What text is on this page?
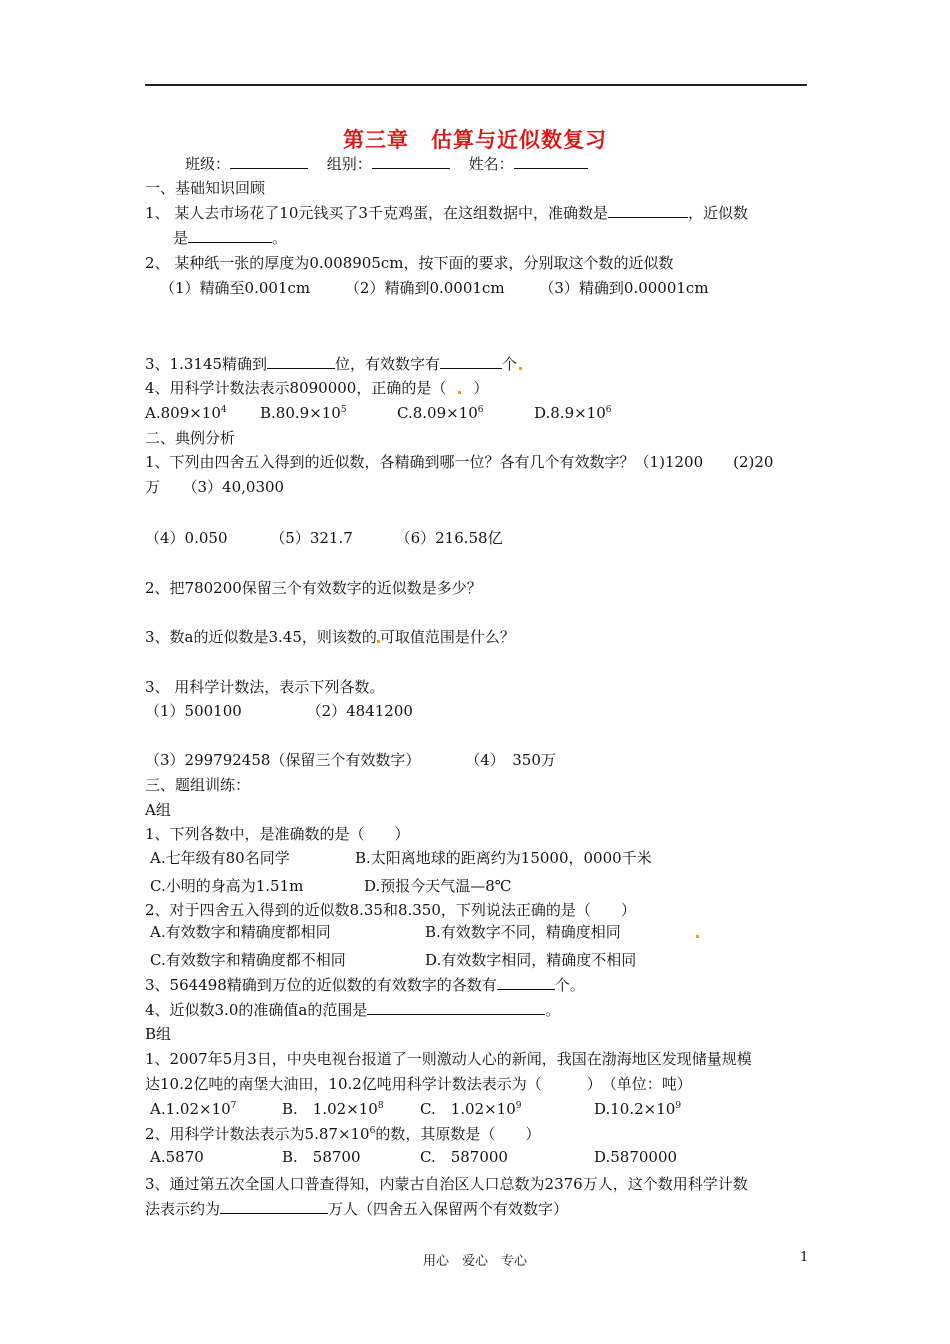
第三章　估算与近似数复习
班级：	组别：	姓名：
一、基础知识回顾
1、 某人去市场花了10元钱买了3千克鸡蛋，在这组数据中，准确数是	，近似数
是	。
2、 某种纸一张的厚度为0.008905cm，按下面的要求，分别取这个数的近似数
（1）精确至0.001cm （2）精确到0.0001cm （3）精确到0.00001cm
3、1.3145精确到	位，有效数字有	个
4、用科学计数法表示8090000，正确的是（ ）
$A.809\times 10^4$ $B.80.9\times 10^5$	$C.8.09\times 10^6$	$D.8.9\times 10^6$
二、典例分析
1、下列由四舍五入得到的近似数，各精确到哪一位？各有几个有效数字？（1)1200　　(2)20
万　　（3）40,0300
（4）0.050	（5）321.7	（6）216.58亿
2、把780200保留三个有效数字的近似数是多少？
3、数a的近似数是3.45，则该数的 可取值范围是什么？
3、 用科学计数法，表示下列各数。
（1）500100	（2）4841200
（3）299792458（保留三个有效数字）	（4）　350万
三、题组训练：
A组
1、下列各数中，是准确数的是（　　）
A.七年级有80名同学	B.太阳离地球的距离约为15000，0000千米
C.小明的身高为1.51m	D.预报今天气温—8℃
2、对于四舍五入得到的近似数8.35和8.350，下列说法正确的是（　　）
A.有效数字和精确度都相同	B.有效数字不同，精确度相同
C.有效数字和精确度都不相同	D.有效数字相同，精确度不相同
3、564498精确到万位的近似数的有效数字的各数有	个。
4、近似数3.0的准确值a的范围是	。
B组
1、2007年5月3日，中央电视台报道了一则激动人心的新闻，我国在渤海地区发现储量规模
达10.2亿吨的南堡大油田，10.2亿吨用科学计数法表示为（　　　）　（单位：吨）
$A.1.02\times 10^7$	B.　$1.02\times 10^8$ C.　$1.02\times 10^9$	$D.10.2\times 10^9$
2、用科学计数法表示为$5.87\times 10^6$的数，其原数是（　　）
A.5870	B.　58700	C.　587000	D.5870000
3、通过第五次全国人口普查得知，内蒙古自治区人口总数为2376万人，这个数用科学计数
法表示约为	万人（四舍五入保留两个有效数字）
用心　爱心　专心	1
